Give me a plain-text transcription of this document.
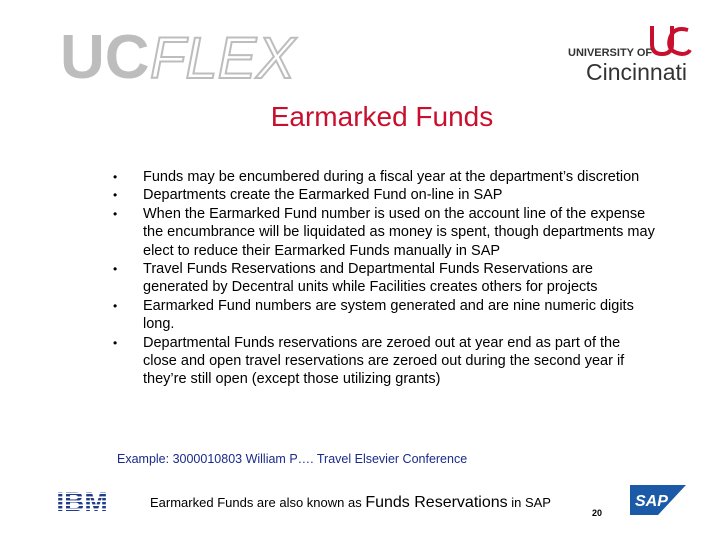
UC FLEX	UNIVERSITY OF
Cincinnati
Earmarked Funds
• Funds may be encumbered during a fiscal year at the department’s discretion
• Departments create the Earmarked Fund on-line in SAP
• When the Earmarked Fund number is used on the account line of the expense the encumbrance will be liquidated as money is spent, though departments may elect to reduce their Earmarked Funds manually in SAP
• Travel Funds Reservations and Departmental Funds Reservations are generated by Decentral units while Facilities creates others for projects
• Earmarked Fund numbers are system generated and are nine numeric digits long.
• Departmental Funds reservations are zeroed out at year end as part of the close and open travel reservations are zeroed out during the second year if they’re still open (except those utilizing grants)
Example: 3000010803 William P…. Travel Elsevier Conference
Earmarked Funds are also known as Funds Reservations in SAP
20
SAP
